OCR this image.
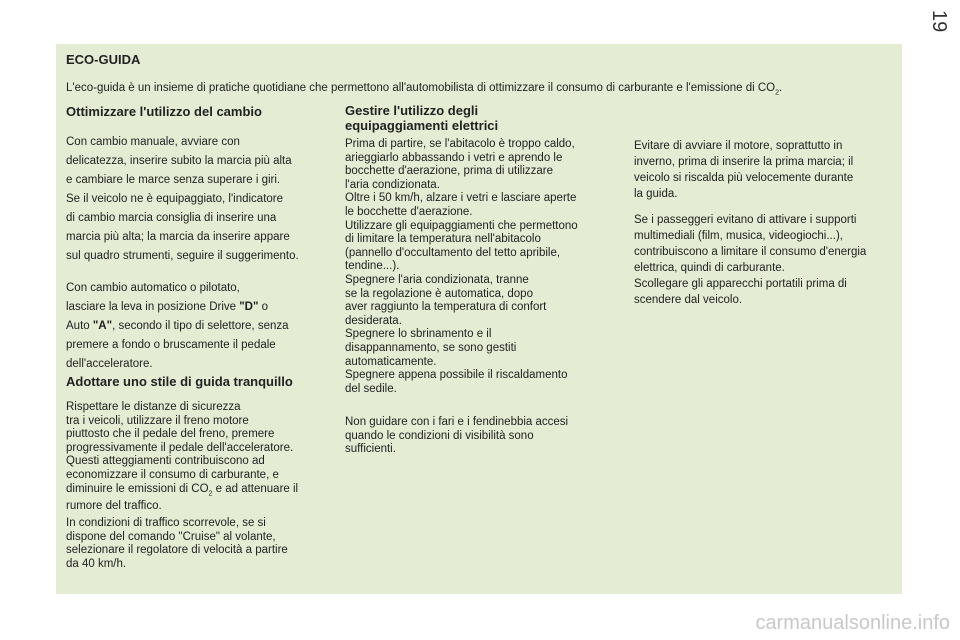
19
ECO-GUIDA
L'eco-guida è un insieme di pratiche quotidiane che permettono all'automobilista di ottimizzare il consumo di carburante e l'emissione di $CO_2$.
Ottimizzare l'utilizzo del cambio
Con cambio manuale, avviare con
delicatezza, inserire subito la marcia più alta
e cambiare le marce senza superare i giri.
Se il veicolo ne è equipaggiato, l'indicatore
di cambio marcia consiglia di inserire una
marcia più alta; la marcia da inserire appare
sul quadro strumenti, seguire il suggerimento.
Con cambio automatico o pilotato,
lasciare la leva in posizione Drive "D" o
Auto "A", secondo il tipo di selettore, senza
premere a fondo o bruscamente il pedale
dell'acceleratore.
Adottare uno stile di guida tranquillo
Rispettare le distanze di sicurezza
tra i veicoli, utilizzare il freno motore
piuttosto che il pedale del freno, premere
progressivamente il pedale dell'acceleratore.
Questi atteggiamenti contribuiscono ad
economizzare il consumo di carburante, e
diminuire le emissioni di $CO_2$ e ad attenuare il
rumore del traffico.
In condizioni di traffico scorrevole, se si
dispone del comando "Cruise" al volante,
selezionare il regolatore di velocità a partire
da 40 km/h.
Gestire l'utilizzo degli
equipaggiamenti elettrici
Prima di partire, se l'abitacolo è troppo caldo,
arieggiarlo abbassando i vetri e aprendo le
bocchette d'aerazione, prima di utilizzare
l'aria condizionata.
Oltre i 50 km/h, alzare i vetri e lasciare aperte
le bocchette d'aerazione.
Utilizzare gli equipaggiamenti che permettono
di limitare la temperatura nell'abitacolo
(pannello d'occultamento del tetto apribile,
tendine...).
Spegnere l'aria condizionata, tranne
se la regolazione è automatica, dopo
aver raggiunto la temperatura di confort
desiderata.
Spegnere lo sbrinamento e il
disappannamento, se sono gestiti
automaticamente.
Spegnere appena possibile il riscaldamento
del sedile.
Non guidare con i fari e i fendinebbia accesi
quando le condizioni di visibilità sono
sufficienti.
Evitare di avviare il motore, soprattutto in
inverno, prima di inserire la prima marcia; il
veicolo si riscalda più velocemente durante
la guida.
Se i passeggeri evitano di attivare i supporti
multimediali (film, musica, videogiochi...),
contribuiscono a limitare il consumo d'energia
elettrica, quindi di carburante.
Scollegare gli apparecchi portatili prima di
scendere dal veicolo.
carmanualsonline.info
